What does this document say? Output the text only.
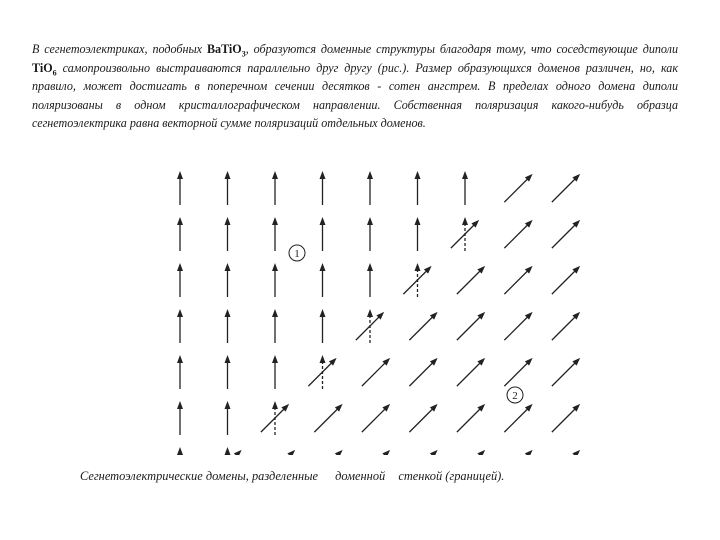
В сегнетоэлектриках, подобных BaTiO$_3$, образуются доменные структуры благодаря тому, что соседствующие диполи TiO$_6$ самопроизвольно выстраиваются параллельно друг другу (рис.). Размер образующихся доменов различен, но, как правило, может достигать в поперечном сечении десятков - сотен ангстрем. В пределах одного домена диполи поляризованы в одном кристаллографическом направлении. Собственная поляризация какого-нибудь образца сегнетоэлектрика равна векторной сумме поляризаций отдельных доменов.

1
2
Сегнетоэлектрические домены, разделенные доменной стенкой (границей).
